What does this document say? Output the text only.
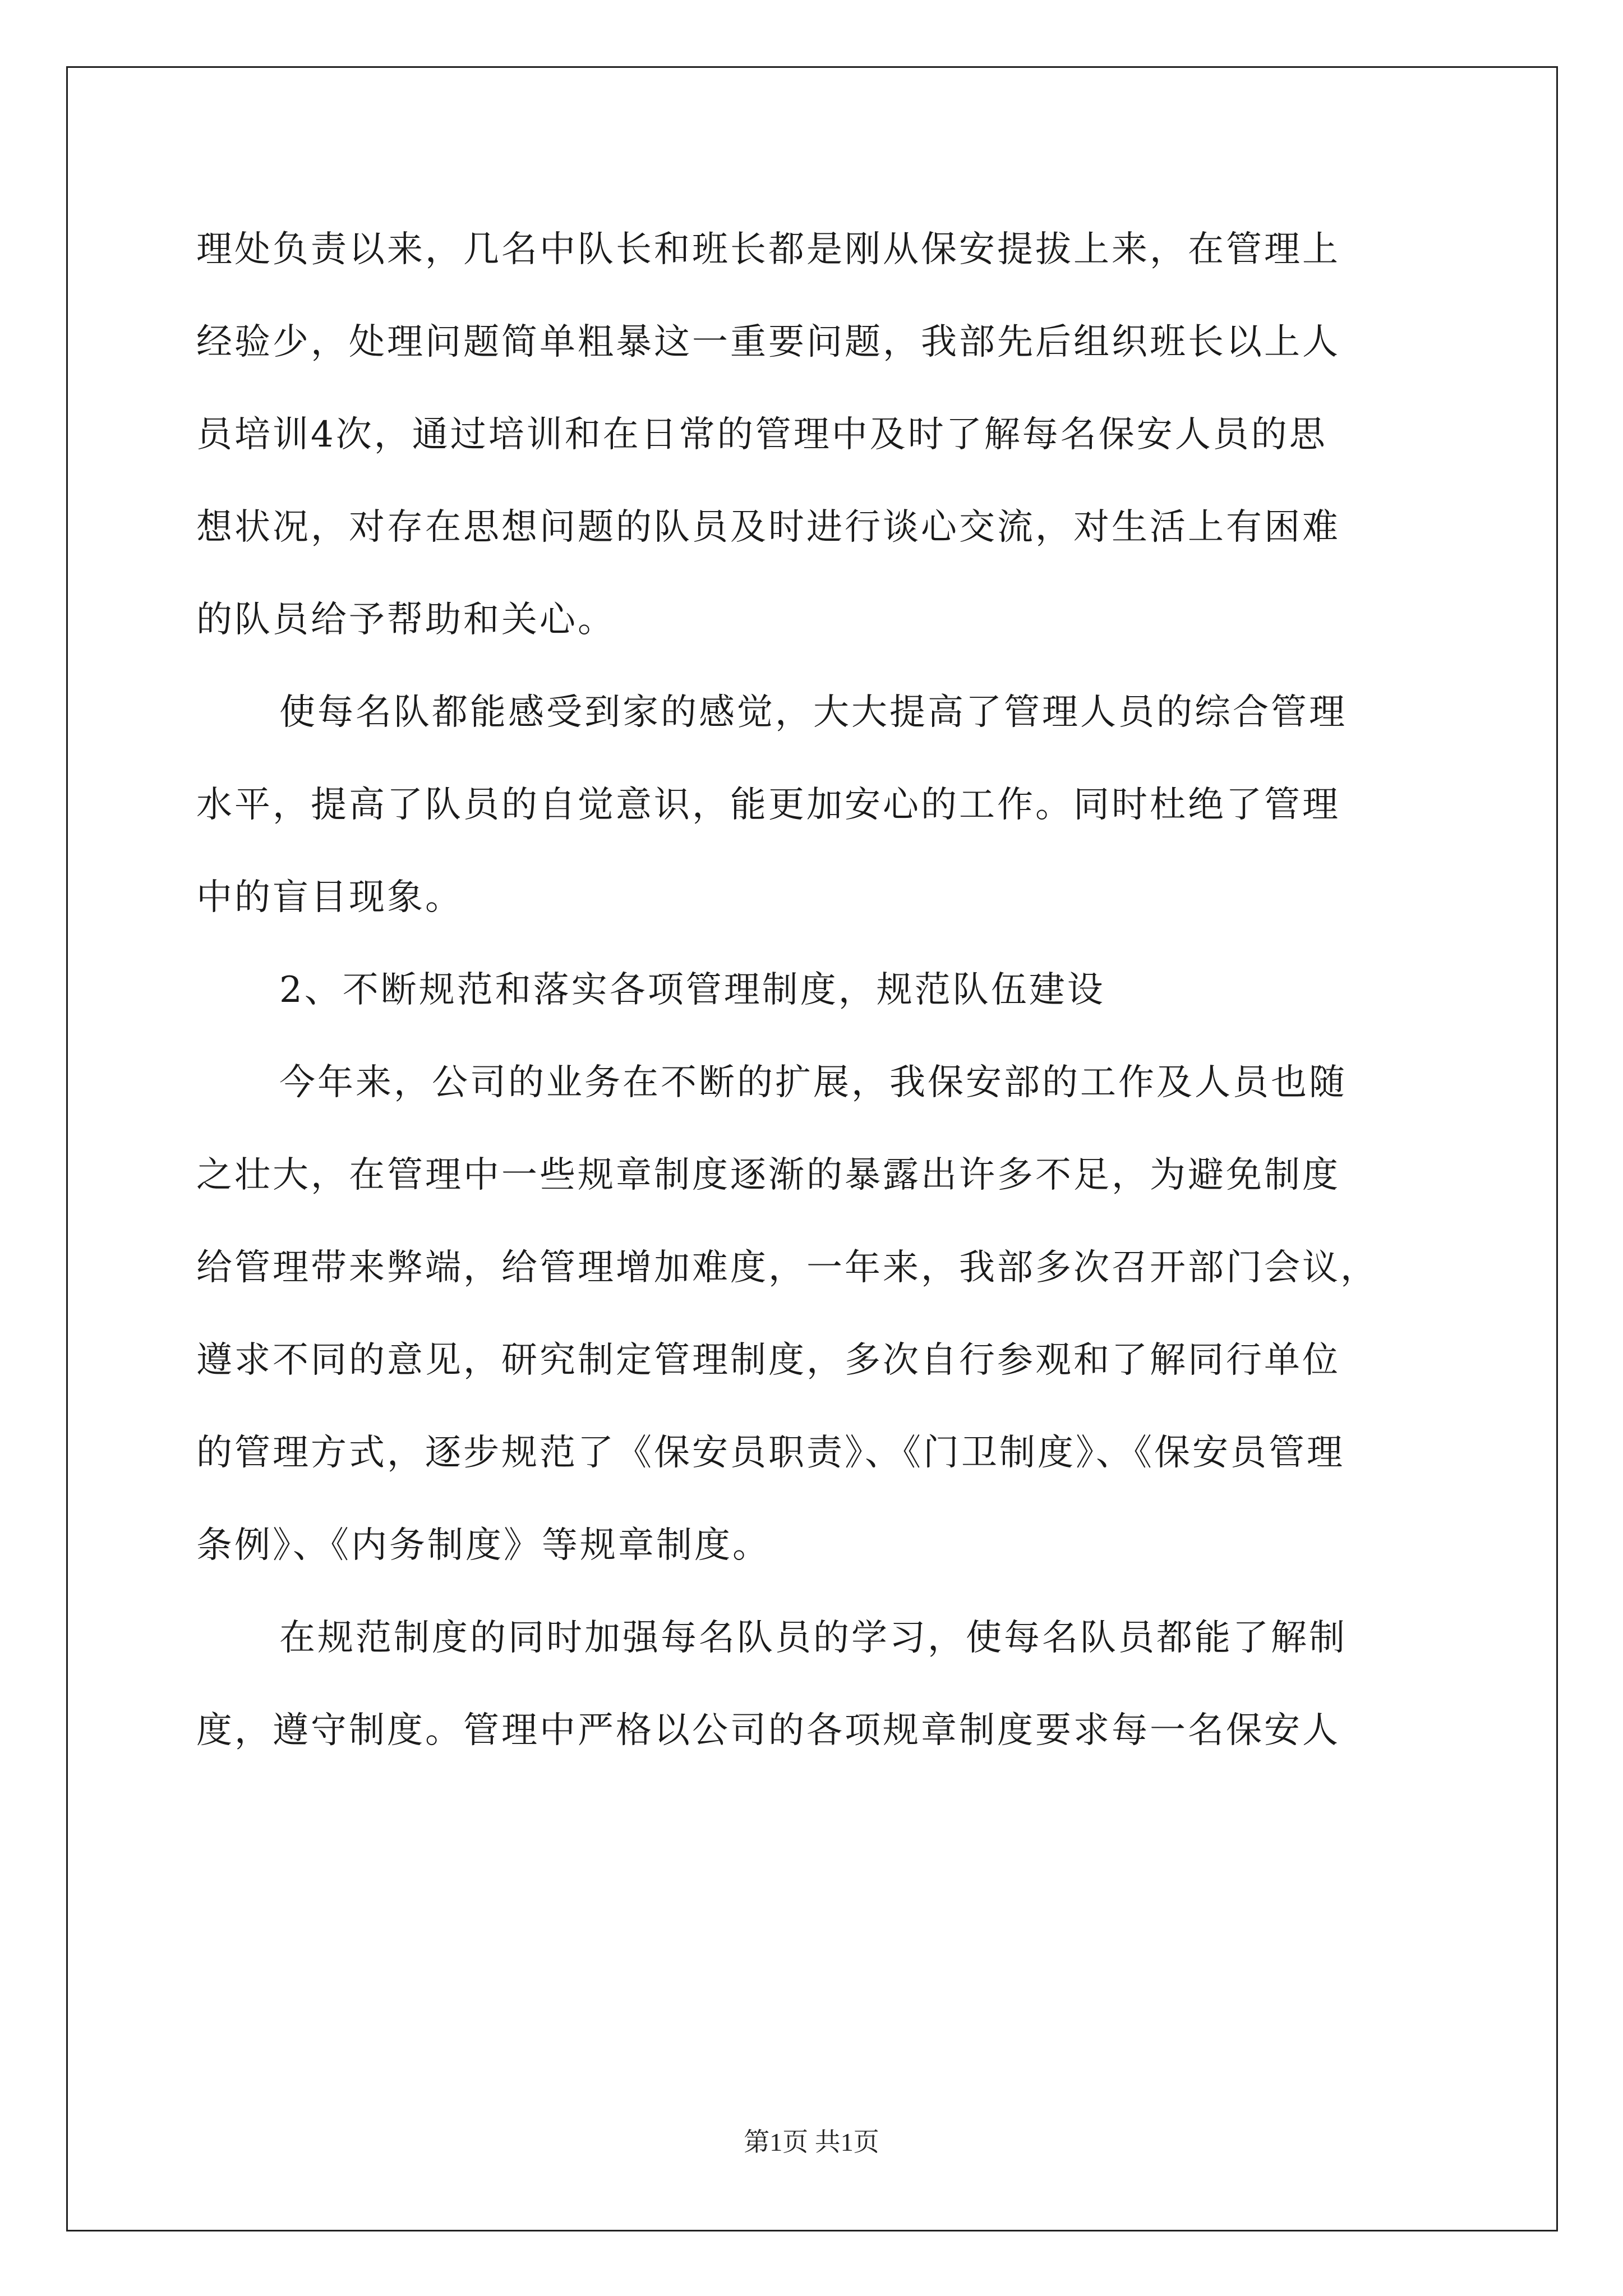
理处负责以来，几名中队长和班长都是刚从保安提拔上来，在管理上
经验少，处理问题简单粗暴这一重要问题，我部先后组织班长以上人
员培训4次，通过培训和在日常的管理中及时了解每名保安人员的思
想状况，对存在思想问题的队员及时进行谈心交流，对生活上有困难
的队员给予帮助和关心。
使每名队都能感受到家的感觉，大大提高了管理人员的综合管理
水平，提高了队员的自觉意识，能更加安心的工作。同时杜绝了管理
中的盲目现象。
2、不断规范和落实各项管理制度，规范队伍建设
今年来，公司的业务在不断的扩展，我保安部的工作及人员也随
之壮大，在管理中一些规章制度逐渐的暴露出许多不足，为避免制度
给管理带来弊端，给管理增加难度，一年来，我部多次召开部门会议，
遵求不同的意见，研究制定管理制度，多次自行参观和了解同行单位
的管理方式，逐步规范了《保安员职责》、《门卫制度》、《保安员管理
条例》、《内务制度》等规章制度。
在规范制度的同时加强每名队员的学习，使每名队员都能了解制
度，遵守制度。管理中严格以公司的各项规章制度要求每一名保安人
第1页 共1页
